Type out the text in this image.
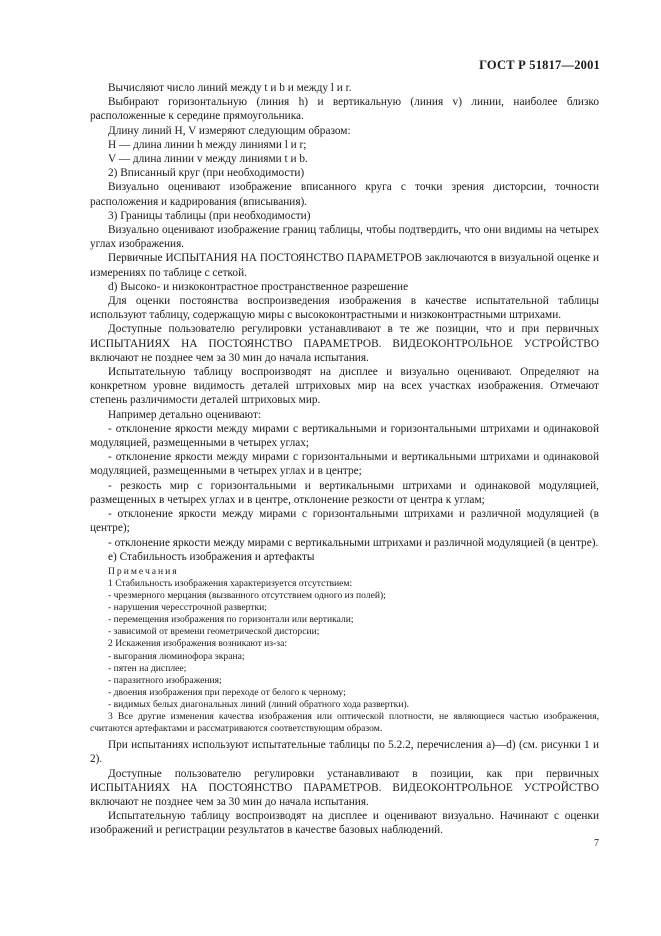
ГОСТ Р 51817—2001

Вычисляют число линий между t и b и между l и r.

Выбирают горизонтальную (линия h) и вертикальную (линия v) линии, наиболее близко расположенные к середине прямоугольника.

Длину линий H, V измеряют следующим образом:

H — длина линии h между линиями l и r;

V — длина линии v между линиями t и b.

2) Вписанный круг (при необходимости)

Визуально оценивают изображение вписанного круга с точки зрения дисторсии, точности расположения и кадрирования (вписывания).

3) Границы таблицы (при необходимости)

Визуально оценивают изображение границ таблицы, чтобы подтвердить, что они видимы на четырех углах изображения.

Первичные ИСПЫТАНИЯ НА ПОСТОЯНСТВО ПАРАМЕТРОВ заключаются в визуальной оценке и измерениях по таблице с сеткой.

d) Высоко- и низкоконтрастное пространственное разрешение

Для оценки постоянства воспроизведения изображения в качестве испытательной таблицы используют таблицу, содержащую миры с высококонтрастными и низкоконтрастными штрихами.

Доступные пользователю регулировки устанавливают в те же позиции, что и при первичных ИСПЫТАНИЯХ НА ПОСТОЯНСТВО ПАРАМЕТРОВ. ВИДЕОКОНТРОЛЬНОЕ УСТРОЙСТВО включают не позднее чем за 30 мин до начала испытания.

Испытательную таблицу воспроизводят на дисплее и визуально оценивают. Определяют на конкретном уровне видимость деталей штриховых мир на всех участках изображения. Отмечают степень различимости деталей штриховых мир.

Например детально оценивают:

- отклонение яркости между мирами с вертикальными и горизонтальными штрихами и одинаковой модуляцией, размещенными в четырех углах;

- отклонение яркости между мирами с горизонтальными и вертикальными штрихами и одинаковой модуляцией, размещенными в четырех углах и в центре;

- резкость мир с горизонтальными и вертикальными штрихами и одинаковой модуляцией, размещенных в четырех углах и в центре, отклонение резкости от центра к углам;

- отклонение яркости между мирами с горизонтальными штрихами и различной модуляцией (в центре);

- отклонение яркости между мирами с вертикальными штрихами и различной модуляцией (в центре).

e) Стабильность изображения и артефакты

Примечания

1 Стабильность изображения характеризуется отсутствием:

- чрезмерного мерцания (вызванного отсутствием одного из полей);

- нарушения чересстрочной развертки;

- перемещения изображения по горизонтали или вертикали;

- зависимой от времени геометрической дисторсии;

2 Искажения изображения возникают из-за:

- выгорания люминофора экрана;

- пятен на дисплее;

- паразитного изображения;

- двоения изображения при переходе от белого к черному;

- видимых белых диагональных линий (линий обратного хода развертки).

3 Все другие изменения качества изображения или оптической плотности, не являющиеся частью изображения, считаются артефактами и рассматриваются соответствующим образом.

При испытаниях используют испытательные таблицы по 5.2.2, перечисления а)—d) (см. рисунки 1 и 2).

Доступные пользователю регулировки устанавливают в позиции, как при первичных ИСПЫТАНИЯХ НА ПОСТОЯНСТВО ПАРАМЕТРОВ. ВИДЕОКОНТРОЛЬНОЕ УСТРОЙСТВО включают не позднее чем за 30 мин до начала испытания.

Испытательную таблицу воспроизводят на дисплее и оценивают визуально. Начинают с оценки изображений и регистрации результатов в качестве базовых наблюдений.

7
